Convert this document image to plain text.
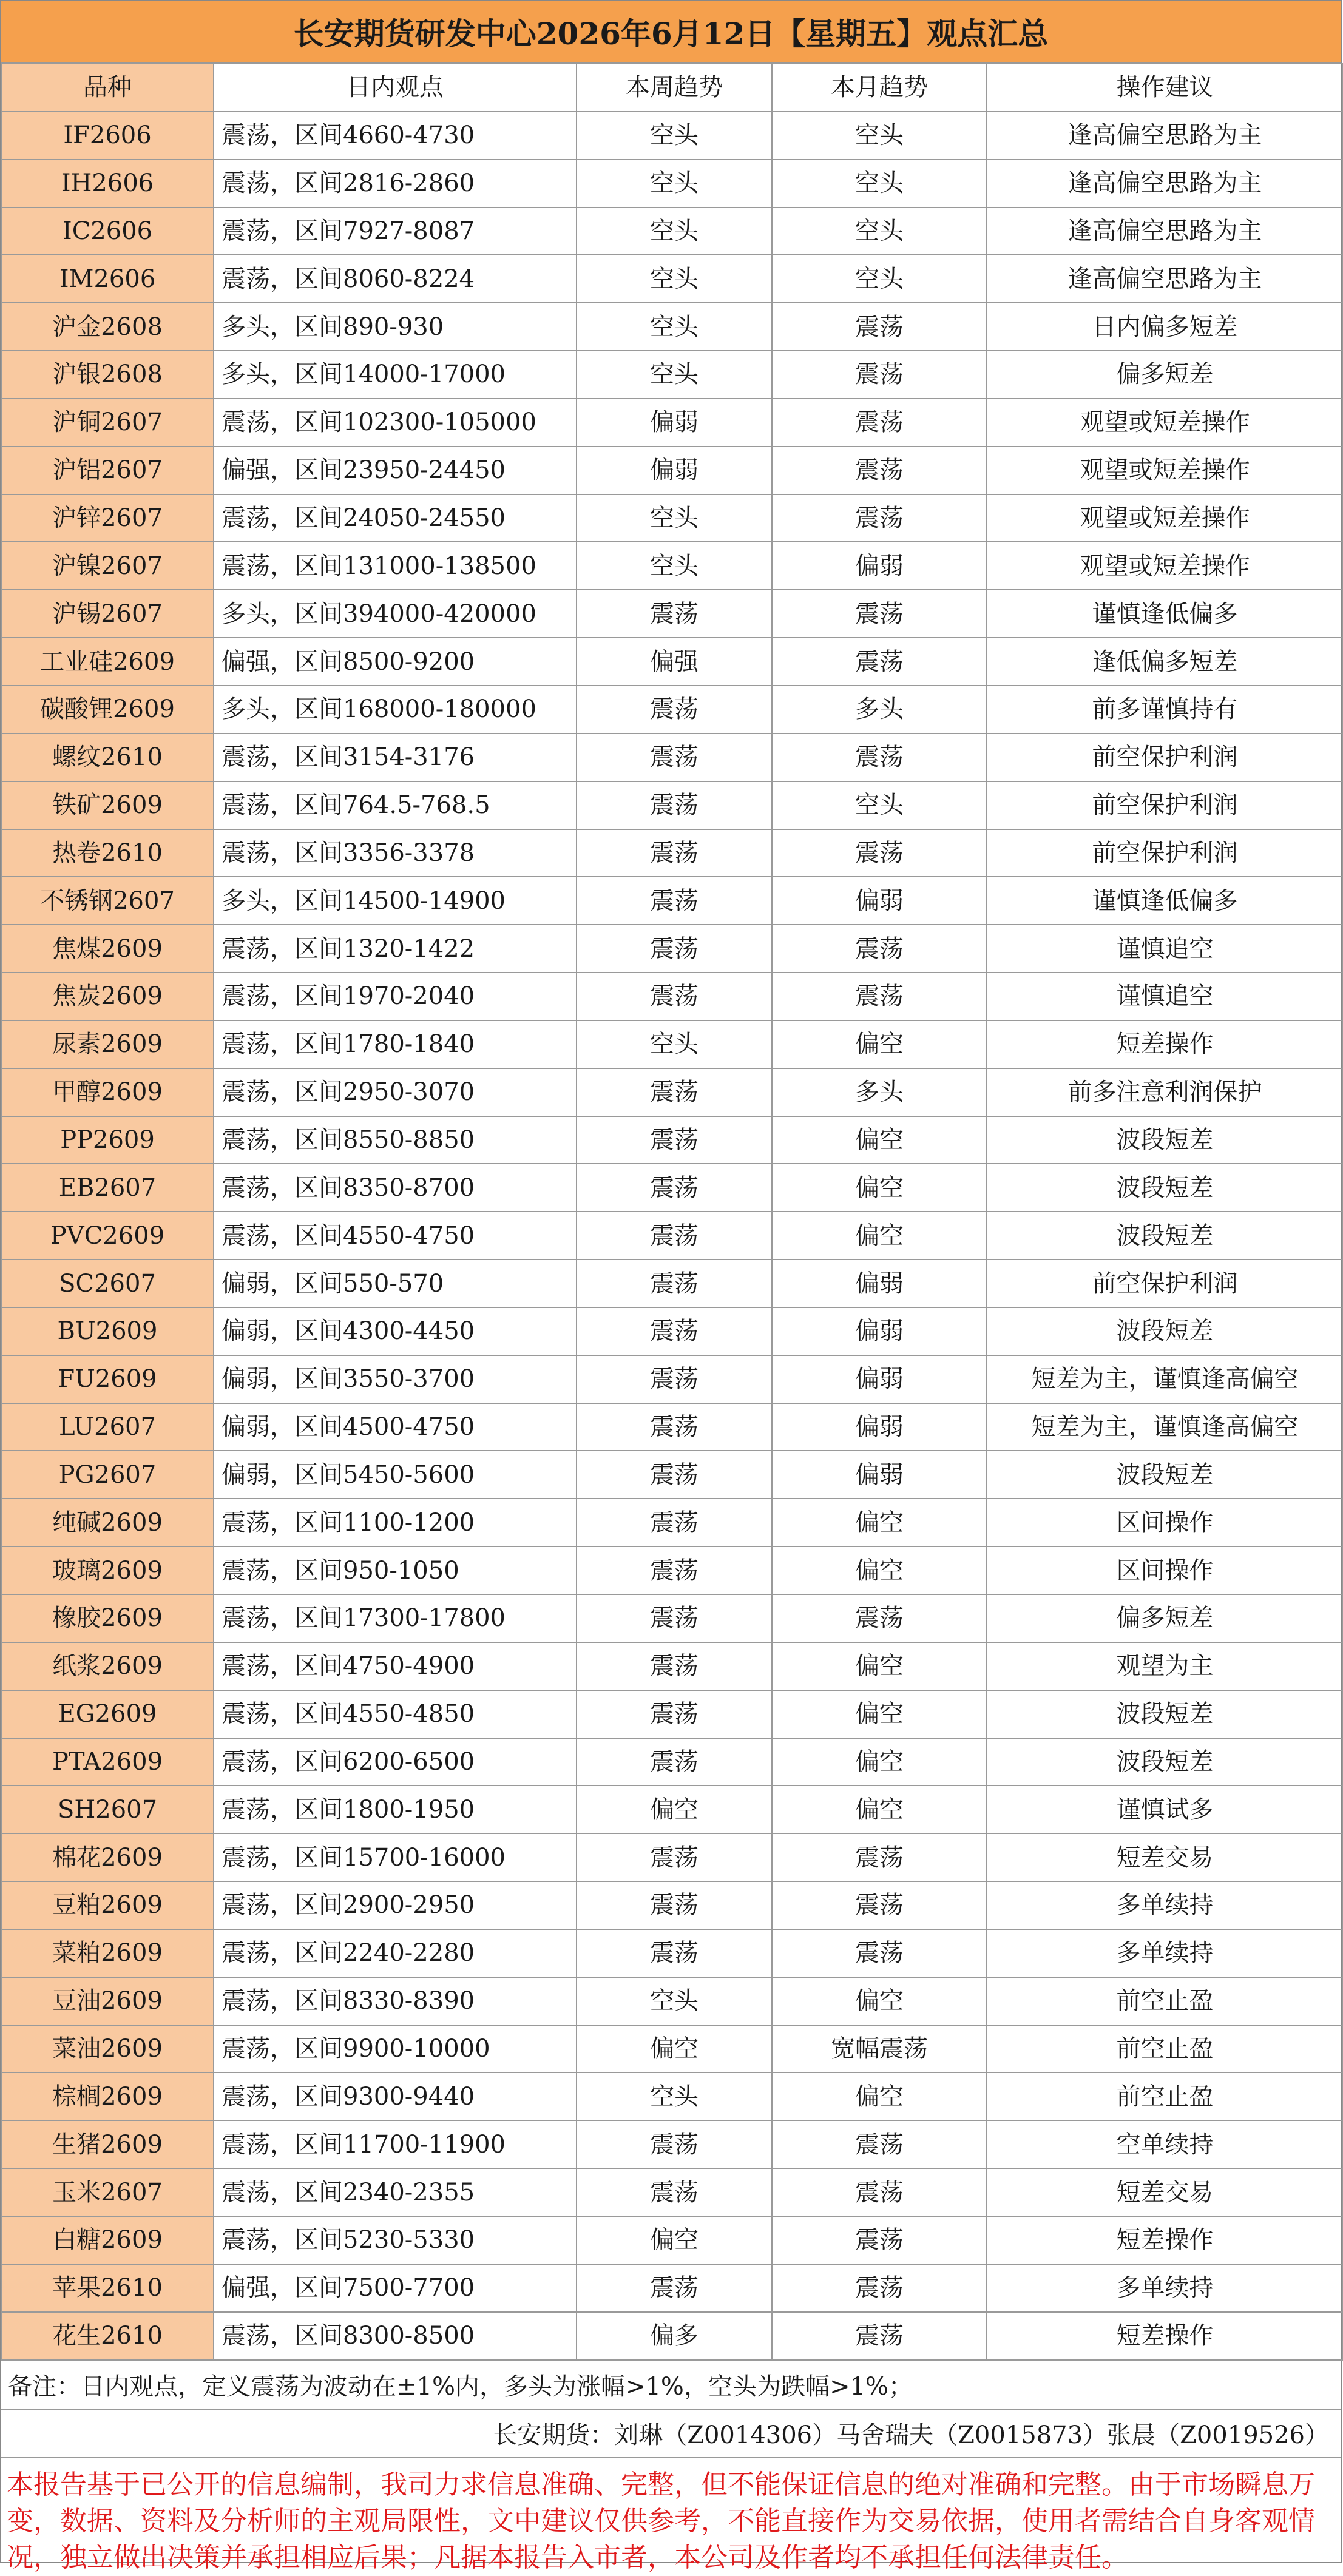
长安期货研发中心2026年6月12日【星期五】观点汇总
品种	日内观点	本周趋势	本月趋势	操作建议
IF2606	震荡，区间4660-4730	空头	空头	逢高偏空思路为主
IH2606	震荡，区间2816-2860	空头	空头	逢高偏空思路为主
IC2606	震荡，区间7927-8087	空头	空头	逢高偏空思路为主
IM2606	震荡，区间8060-8224	空头	空头	逢高偏空思路为主
沪金2608	多头，区间890-930	空头	震荡	日内偏多短差
沪银2608	多头，区间14000-17000	空头	震荡	偏多短差
沪铜2607	震荡，区间102300-105000	偏弱	震荡	观望或短差操作
沪铝2607	偏强，区间23950-24450	偏弱	震荡	观望或短差操作
沪锌2607	震荡，区间24050-24550	空头	震荡	观望或短差操作
沪镍2607	震荡，区间131000-138500	空头	偏弱	观望或短差操作
沪锡2607	多头，区间394000-420000	震荡	震荡	谨慎逢低偏多
工业硅2609	偏强，区间8500-9200	偏强	震荡	逢低偏多短差
碳酸锂2609	多头，区间168000-180000	震荡	多头	前多谨慎持有
螺纹2610	震荡，区间3154-3176	震荡	震荡	前空保护利润
铁矿2609	震荡，区间764.5-768.5	震荡	空头	前空保护利润
热卷2610	震荡，区间3356-3378	震荡	震荡	前空保护利润
不锈钢2607	多头，区间14500-14900	震荡	偏弱	谨慎逢低偏多
焦煤2609	震荡，区间1320-1422	震荡	震荡	谨慎追空
焦炭2609	震荡，区间1970-2040	震荡	震荡	谨慎追空
尿素2609	震荡，区间1780-1840	空头	偏空	短差操作
甲醇2609	震荡，区间2950-3070	震荡	多头	前多注意利润保护
PP2609	震荡，区间8550-8850	震荡	偏空	波段短差
EB2607	震荡，区间8350-8700	震荡	偏空	波段短差
PVC2609	震荡，区间4550-4750	震荡	偏空	波段短差
SC2607	偏弱，区间550-570	震荡	偏弱	前空保护利润
BU2609	偏弱，区间4300-4450	震荡	偏弱	波段短差
FU2609	偏弱，区间3550-3700	震荡	偏弱	短差为主，谨慎逢高偏空
LU2607	偏弱，区间4500-4750	震荡	偏弱	短差为主，谨慎逢高偏空
PG2607	偏弱，区间5450-5600	震荡	偏弱	波段短差
纯碱2609	震荡，区间1100-1200	震荡	偏空	区间操作
玻璃2609	震荡，区间950-1050	震荡	偏空	区间操作
橡胶2609	震荡，区间17300-17800	震荡	震荡	偏多短差
纸浆2609	震荡，区间4750-4900	震荡	偏空	观望为主
EG2609	震荡，区间4550-4850	震荡	偏空	波段短差
PTA2609	震荡，区间6200-6500	震荡	偏空	波段短差
SH2607	震荡，区间1800-1950	偏空	偏空	谨慎试多
棉花2609	震荡，区间15700-16000	震荡	震荡	短差交易
豆粕2609	震荡，区间2900-2950	震荡	震荡	多单续持
菜粕2609	震荡，区间2240-2280	震荡	震荡	多单续持
豆油2609	震荡，区间8330-8390	空头	偏空	前空止盈
菜油2609	震荡，区间9900-10000	偏空	宽幅震荡	前空止盈
棕榈2609	震荡，区间9300-9440	空头	偏空	前空止盈
生猪2609	震荡，区间11700-11900	震荡	震荡	空单续持
玉米2607	震荡，区间2340-2355	震荡	震荡	短差交易
白糖2609	震荡，区间5230-5330	偏空	震荡	短差操作
苹果2610	偏强，区间7500-7700	震荡	震荡	多单续持
花生2610	震荡，区间8300-8500	偏多	震荡	短差操作
备注：日内观点，定义震荡为波动在±1%内，多头为涨幅>1%，空头为跌幅>1%；
长安期货：刘琳（Z0014306）马舍瑞夫（Z0015873）张晨（Z0019526）
本报告基于已公开的信息编制，我司力求信息准确、完整，但不能保证信息的绝对准确和完整。由于市场瞬息万变，数据、资料及分析师的主观局限性，文中建议仅供参考，不能直接作为交易依据，使用者需结合自身客观情况，独立做出决策并承担相应后果；凡据本报告入市者，本公司及作者均不承担任何法律责任。
